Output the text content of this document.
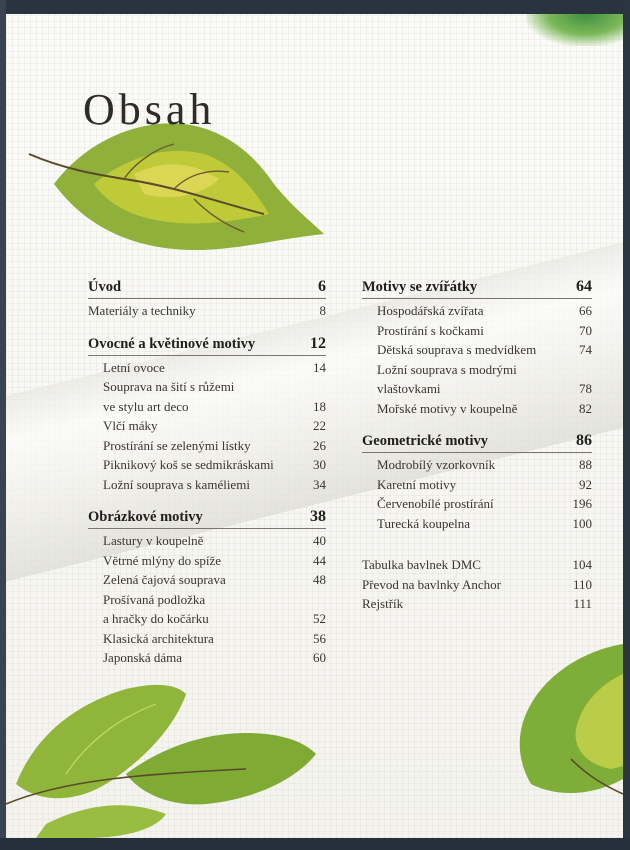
Obsah
Úvod	6
Materiály a techniky	8
Ovocné a květinové motivy	12
Letní ovoce	14
Souprava na šití s růžemi
ve stylu art deco	18
Vlčí máky	22
Prostírání se zelenými lístky	26
Piknikový koš se sedmikráskami	30
Ložní souprava s kaméliemi	34
Obrázkové motivy	38
Lastury v koupelně	40
Větrné mlýny do spíže	44
Zelená čajová souprava	48
Prošívaná podložka
a hračky do kočárku	52
Klasická architektura	56
Japonská dáma	60
Motivy se zvířátky	64
Hospodářská zvířata	66
Prostírání s kočkami	70
Dětská souprava s medvídkem	74
Ložní souprava s modrými
vlaštovkami	78
Mořské motivy v koupelně	82
Geometrické motivy	86
Modrobílý vzorkovník	88
Karetní motivy	92
Červenobílé prostírání	196
Turecká koupelna	100
Tabulka bavlnek DMC	104
Převod na bavlnky Anchor	110
Rejstřík	111
